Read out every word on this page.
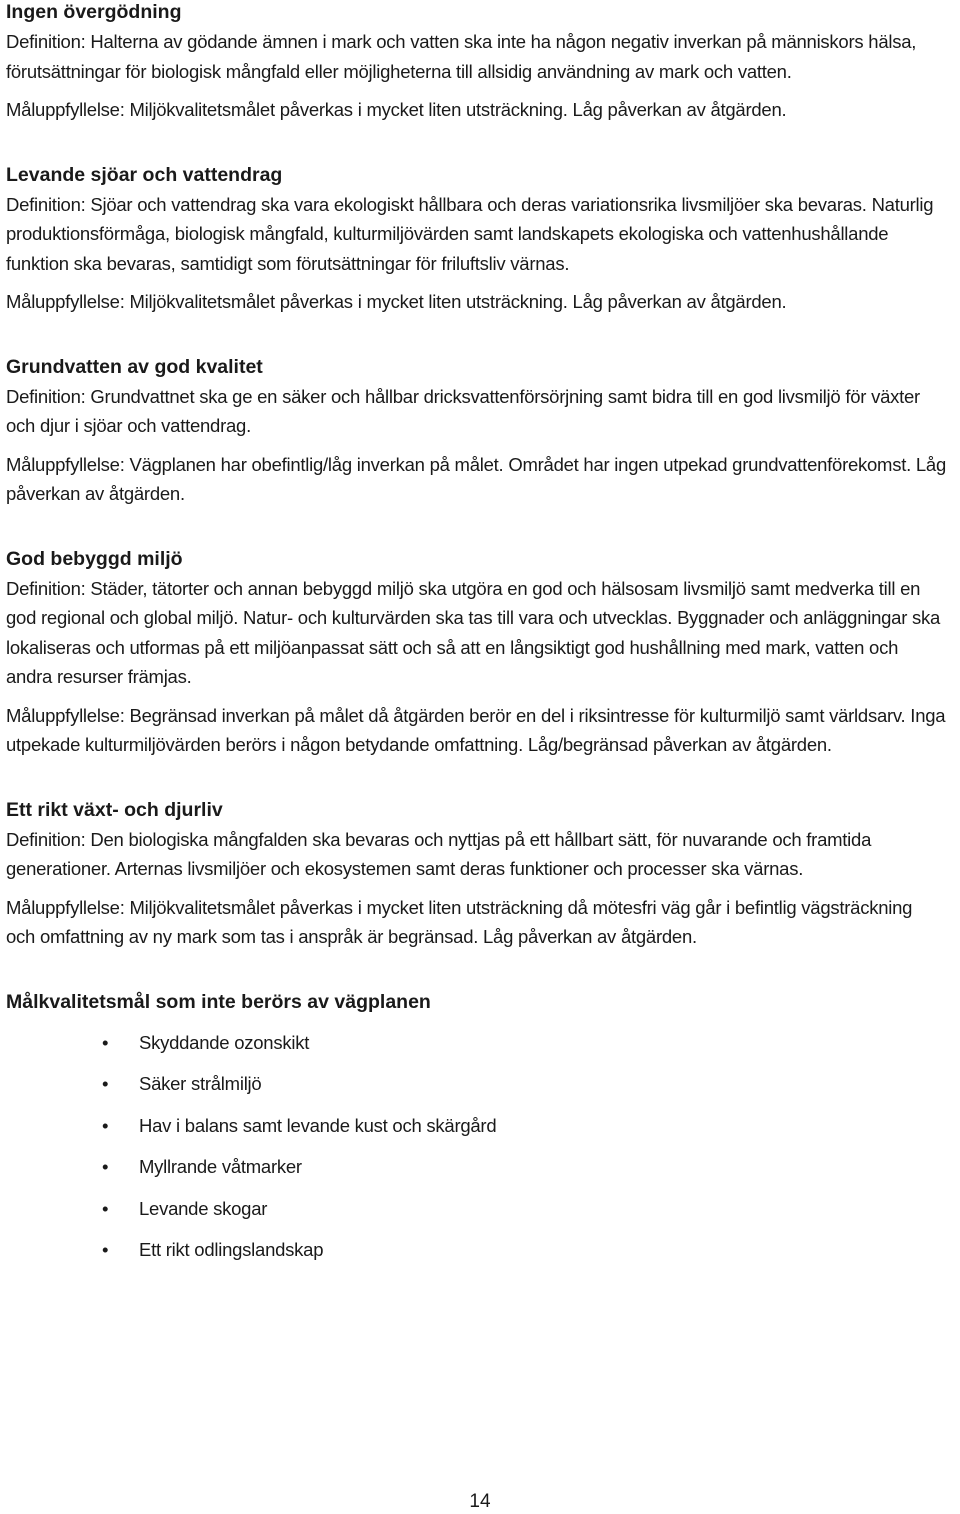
Ingen övergödning

Definition: Halterna av gödande ämnen i mark och vatten ska inte ha någon negativ inverkan på människors hälsa, förutsättningar för biologisk mångfald eller möjligheterna till allsidig användning av mark och vatten.

Måluppfyllelse: Miljökvalitetsmålet påverkas i mycket liten utsträckning. Låg påverkan av åtgärden.

Levande sjöar och vattendrag

Definition: Sjöar och vattendrag ska vara ekologiskt hållbara och deras variationsrika livsmiljöer ska bevaras. Naturlig produktionsförmåga, biologisk mångfald, kulturmiljövärden samt landskapets ekologiska och vattenhushållande funktion ska bevaras, samtidigt som förutsättningar för friluftsliv värnas.

Måluppfyllelse: Miljökvalitetsmålet påverkas i mycket liten utsträckning. Låg påverkan av åtgärden.

Grundvatten av god kvalitet

Definition: Grundvattnet ska ge en säker och hållbar dricksvattenförsörjning samt bidra till en god livsmiljö för växter och djur i sjöar och vattendrag.

Måluppfyllelse: Vägplanen har obefintlig/låg inverkan på målet. Området har ingen utpekad grundvattenförekomst. Låg påverkan av åtgärden.

God bebyggd miljö

Definition: Städer, tätorter och annan bebyggd miljö ska utgöra en god och hälsosam livsmiljö samt medverka till en god regional och global miljö. Natur- och kulturvärden ska tas till vara och utvecklas. Byggnader och anläggningar ska lokaliseras och utformas på ett miljöanpassat sätt och så att en långsiktigt god hushållning med mark, vatten och andra resurser främjas.

Måluppfyllelse: Begränsad inverkan på målet då åtgärden berör en del i riksintresse för kulturmiljö samt världsarv. Inga utpekade kulturmiljövärden berörs i någon betydande omfattning. Låg/begränsad påverkan av åtgärden.

Ett rikt växt- och djurliv

Definition: Den biologiska mångfalden ska bevaras och nyttjas på ett hållbart sätt, för nuvarande och framtida generationer. Arternas livsmiljöer och ekosystemen samt deras funktioner och processer ska värnas.

Måluppfyllelse: Miljökvalitetsmålet påverkas i mycket liten utsträckning då mötesfri väg går i befintlig vägsträckning och omfattning av ny mark som tas i anspråk är begränsad. Låg påverkan av åtgärden.

Målkvalitetsmål som inte berörs av vägplanen
• Skyddande ozonskikt
• Säker strålmiljö
• Hav i balans samt levande kust och skärgård
• Myllrande våtmarker
• Levande skogar
• Ett rikt odlingslandskap
14
